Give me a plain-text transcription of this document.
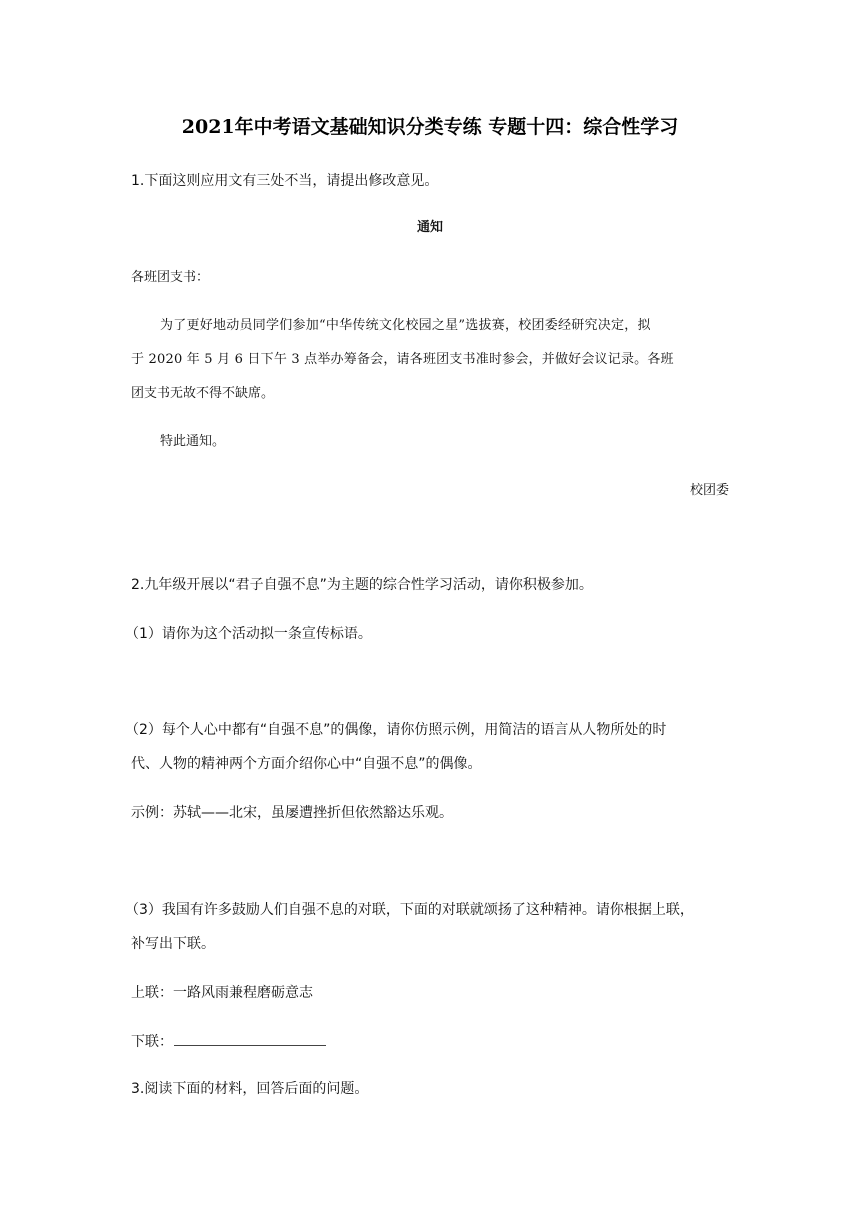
2021年中考语文基础知识分类专练 专题十四：综合性学习

1.下面这则应用文有三处不当，请提出修改意见。

通知

各班团支书：

为了更好地动员同学们参加“中华传统文化校园之星”选拔赛，校团委经研究决定，拟

于 2020 年 5 月 6 日下午 3 点举办筹备会，请各班团支书准时参会，并做好会议记录。各班

团支书无故不得不缺席。

特此通知。

校团委

2.九年级开展以“君子自强不息”为主题的综合性学习活动，请你积极参加。

（1）请你为这个活动拟一条宣传标语。

（2）每个人心中都有“自强不息”的偶像，请你仿照示例，用简洁的语言从人物所处的时

代、人物的精神两个方面介绍你心中“自强不息”的偶像。

示例：苏轼——北宋，虽屡遭挫折但依然豁达乐观。

（3）我国有许多鼓励人们自强不息的对联，下面的对联就颂扬了这种精神。请你根据上联，

补写出下联。

上联：一路风雨兼程磨砺意志

下联：

3.阅读下面的材料，回答后面的问题。
